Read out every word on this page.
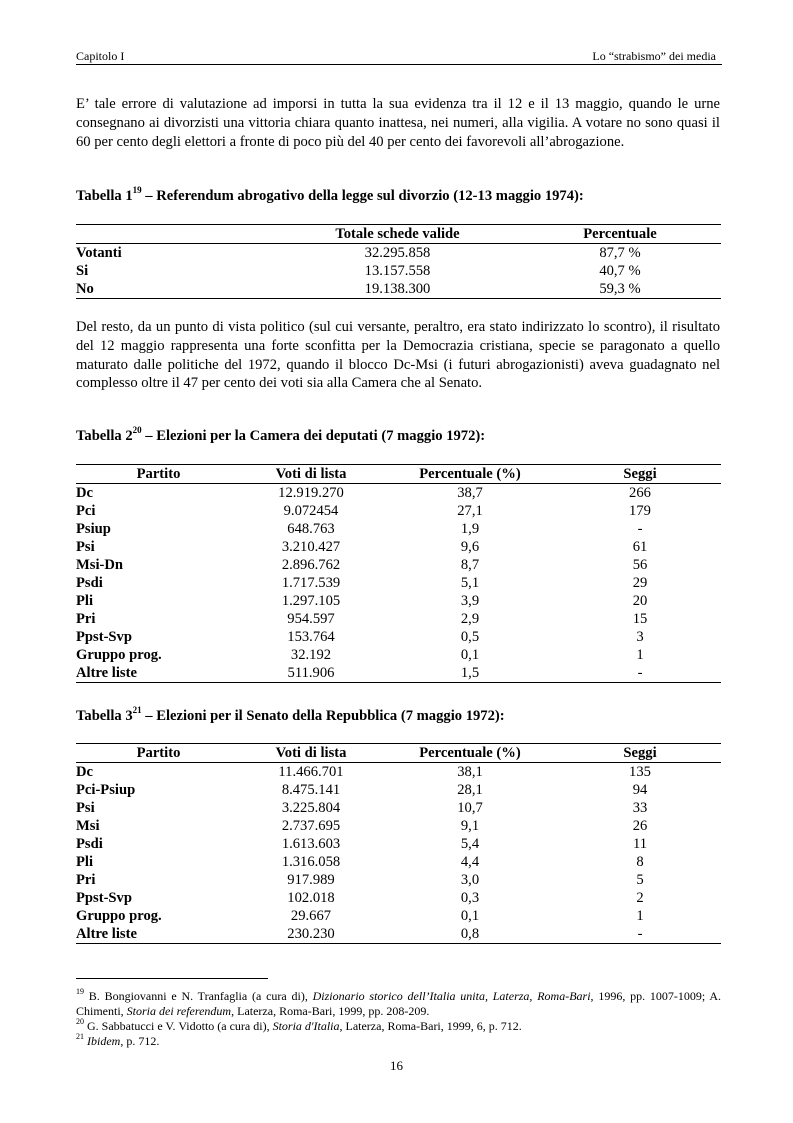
Capitolo I	Lo “strabismo” dei media

E’ tale errore di valutazione ad imporsi in tutta la sua evidenza tra il 12 e il 13 maggio, quando le urne consegnano ai divorzisti una vittoria chiara quanto inattesa, nei numeri, alla vigilia. A votare no sono quasi il 60 per cento degli elettori a fronte di poco più del 40 per cento dei favorevoli all’abrogazione.

Tabella $1^{19}$ – Referendum abrogativo della legge sul divorzio (12-13 maggio 1974):

	Totale schede valide	Percentuale
Votanti	32.295.858	87,7 %
Si	13.157.558	40,7 %
No	19.138.300	59,3 %

Del resto, da un punto di vista politico (sul cui versante, peraltro, era stato indirizzato lo scontro), il risultato del 12 maggio rappresenta una forte sconfitta per la Democrazia cristiana, specie se paragonato a quello maturato dalle politiche del 1972, quando il blocco Dc-Msi (i futuri abrogazionisti) aveva guadagnato nel complesso oltre il 47 per cento dei voti sia alla Camera che al Senato.

Tabella $2^{20}$ – Elezioni per la Camera dei deputati (7 maggio 1972):

Partito	Voti di lista	Percentuale (%)	Seggi
Dc	12.919.270	38,7	266
Pci	9.072454	27,1	179
Psiup	648.763	1,9	-
Psi	3.210.427	9,6	61
Msi-Dn	2.896.762	8,7	56
Psdi	1.717.539	5,1	29
Pli	1.297.105	3,9	20
Pri	954.597	2,9	15
Ppst-Svp	153.764	0,5	3
Gruppo prog.	32.192	0,1	1
Altre liste	511.906	1,5	-

Tabella $3^{21}$ – Elezioni per il Senato della Repubblica (7 maggio 1972):

Partito	Voti di lista	Percentuale (%)	Seggi
Dc	11.466.701	38,1	135
Pci-Psiup	8.475.141	28,1	94
Psi	3.225.804	10,7	33
Msi	2.737.695	9,1	26
Psdi	1.613.603	5,4	11
Pli	1.316.058	4,4	8
Pri	917.989	3,0	5
Ppst-Svp	102.018	0,3	2
Gruppo prog.	29.667	0,1	1
Altre liste	230.230	0,8	-

$^{19}$ B. Bongiovanni e N. Tranfaglia (a cura di), Dizionario storico dell’Italia unita, Laterza, Roma-Bari, 1996, pp. 1007-1009; A. Chimenti, Storia dei referendum, Laterza, Roma-Bari, 1999, pp. 208-209.

$^{20}$ G. Sabbatucci e V. Vidotto (a cura di), Storia d'Italia, Laterza, Roma-Bari, 1999, 6, p. 712.

$^{21}$ Ibidem, p. 712.

16
